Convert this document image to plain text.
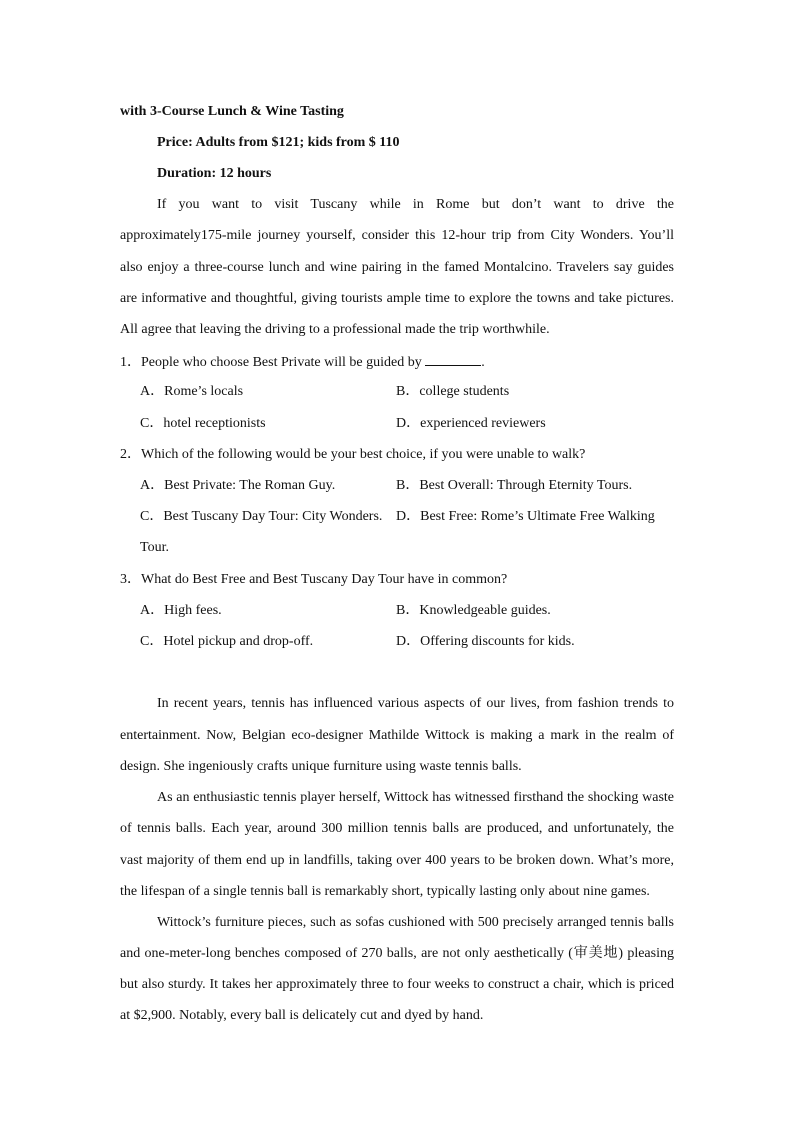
with 3-Course Lunch & Wine Tasting
Price: Adults from $121; kids from $ 110
Duration: 12 hours
If you want to visit Tuscany while in Rome but don’t want to drive the
approximately175-mile journey yourself, consider this 12-hour trip from City Wonders. You’ll
also enjoy a three-course lunch and wine pairing in the famed Montalcino. Travelers say guides
are informative and thoughtful, giving tourists ample time to explore the towns and take pictures.
All agree that leaving the driving to a professional made the trip worthwhile.
1．People who choose Best Private will be guided by	.
A．Rome’s locals	B．college students
C．hotel receptionists	D．experienced reviewers
2．Which of the following would be your best choice, if you were unable to walk?
A．Best Private: The Roman Guy.	B．Best Overall: Through Eternity Tours.
C．Best Tuscany Day Tour: City Wonders. D．Best Free: Rome’s Ultimate Free Walking
Tour.
3．What do Best Free and Best Tuscany Day Tour have in common?
A．High fees.	B．Knowledgeable guides.
C．Hotel pickup and drop-off.	D．Offering discounts for kids.
In recent years, tennis has influenced various aspects of our lives, from fashion trends to
entertainment. Now, Belgian eco-designer Mathilde Wittock is making a mark in the realm of
design. She ingeniously crafts unique furniture using waste tennis balls.
As an enthusiastic tennis player herself, Wittock has witnessed firsthand the shocking waste
of tennis balls. Each year, around 300 million tennis balls are produced, and unfortunately, the
vast majority of them end up in landfills, taking over 400 years to be broken down. What’s more,
the lifespan of a single tennis ball is remarkably short, typically lasting only about nine games.
Wittock’s furniture pieces, such as sofas cushioned with 500 precisely arranged tennis balls
and one-meter-long benches composed of 270 balls, are not only aesthetically (审美地) pleasing
but also sturdy. It takes her approximately three to four weeks to construct a chair, which is priced
at $2,900. Notably, every ball is delicately cut and dyed by hand.
